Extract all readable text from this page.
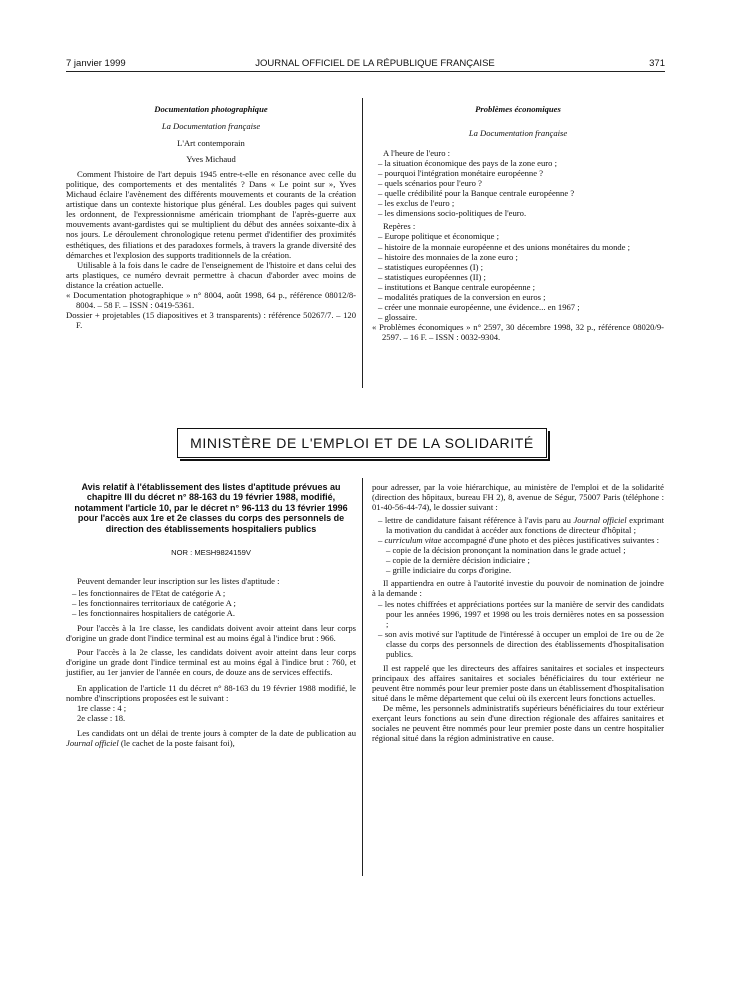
7 janvier 1999	JOURNAL OFFICIEL DE LA RÉPUBLIQUE FRANÇAISE	371

Documentation photographique

La Documentation française

L'Art contemporain

Yves Michaud

Comment l'histoire de l'art depuis 1945 entre-t-elle en résonance avec celle du politique, des comportements et des mentalités ? Dans « Le point sur », Yves Michaud éclaire l'avènement des différents mouvements et courants de la création artistique dans un contexte historique plus général. Les doubles pages qui suivent les ordonnent, de l'expressionnisme américain triomphant de l'après-guerre aux mouvements avant-gardistes qui se multiplient du début des années soixante-dix à nos jours. Le déroulement chronologique retenu permet d'identifier des proximités esthétiques, des filiations et des paradoxes formels, à travers la grande diversité des démarches et l'explosion des supports traditionnels de la création.

Utilisable à la fois dans le cadre de l'enseignement de l'histoire et dans celui des arts plastiques, ce numéro devrait permettre à chacun d'aborder avec moins de distance la création actuelle.

« Documentation photographique » n° 8004, août 1998, 64 p., référence 08012/8-8004. – 58 F. – ISSN : 0419-5361.

Dossier + projetables (15 diapositives et 3 transparents) : référence 50267/7. – 120 F.

Problèmes économiques

La Documentation française

A l'heure de l'euro :

– la situation économique des pays de la zone euro ;

– pourquoi l'intégration monétaire européenne ?

– quels scénarios pour l'euro ?

– quelle crédibilité pour la Banque centrale européenne ?

– les exclus de l'euro ;

– les dimensions socio-politiques de l'euro.

Repères :

– Europe politique et économique ;

– histoire de la monnaie européenne et des unions monétaires du monde ;

– histoire des monnaies de la zone euro ;

– statistiques européennes (I) ;

– statistiques européennes (II) ;

– institutions et Banque centrale européenne ;

– modalités pratiques de la conversion en euros ;

– créer une monnaie européenne, une évidence... en 1967 ;

– glossaire.

« Problèmes économiques » n° 2597, 30 décembre 1998, 32 p., référence 08020/9-2597. – 16 F. – ISSN : 0032-9304.

MINISTÈRE DE L'EMPLOI ET DE LA SOLIDARITÉ

Avis relatif à l'établissement des listes d'aptitude prévues au chapitre III du décret n° 88-163 du 19 février 1988, modifié, notamment l'article 10, par le décret n° 96-113 du 13 février 1996 pour l'accès aux 1re et 2e classes du corps des personnels de direction des établissements hospitaliers publics

NOR : MESH9824159V

Peuvent demander leur inscription sur les listes d'aptitude :

– les fonctionnaires de l'Etat de catégorie A ;

– les fonctionnaires territoriaux de catégorie A ;

– les fonctionnaires hospitaliers de catégorie A.

Pour l'accès à la 1re classe, les candidats doivent avoir atteint dans leur corps d'origine un grade dont l'indice terminal est au moins égal à l'indice brut : 966.

Pour l'accès à la 2e classe, les candidats doivent avoir atteint dans leur corps d'origine un grade dont l'indice terminal est au moins égal à l'indice brut : 760, et justifier, au 1er janvier de l'année en cours, de douze ans de services effectifs.

En application de l'article 11 du décret n° 88-163 du 19 février 1988 modifié, le nombre d'inscriptions proposées est le suivant :

1re classe : 4 ;

2e classe : 18.

Les candidats ont un délai de trente jours à compter de la date de publication au Journal officiel (le cachet de la poste faisant foi),

pour adresser, par la voie hiérarchique, au ministère de l'emploi et de la solidarité (direction des hôpitaux, bureau FH 2), 8, avenue de Ségur, 75007 Paris (téléphone : 01-40-56-44-74), le dossier suivant :

– lettre de candidature faisant référence à l'avis paru au Journal officiel exprimant la motivation du candidat à accéder aux fonctions de directeur d'hôpital ;

– curriculum vitae accompagné d'une photo et des pièces justificatives suivantes :

– copie de la décision prononçant la nomination dans le grade actuel ;

– copie de la dernière décision indiciaire ;

– grille indiciaire du corps d'origine.

Il appartiendra en outre à l'autorité investie du pouvoir de nomination de joindre à la demande :

– les notes chiffrées et appréciations portées sur la manière de servir des candidats pour les années 1996, 1997 et 1998 ou les trois dernières notes en sa possession ;

– son avis motivé sur l'aptitude de l'intéressé à occuper un emploi de 1re ou de 2e classe du corps des personnels de direction des établissements d'hospitalisation publics.

Il est rappelé que les directeurs des affaires sanitaires et sociales et inspecteurs principaux des affaires sanitaires et sociales bénéficiaires du tour extérieur ne peuvent être nommés pour leur premier poste dans un établissement d'hospitalisation situé dans le même département que celui où ils exercent leurs fonctions actuelles.

De même, les personnels administratifs supérieurs bénéficiaires du tour extérieur exerçant leurs fonctions au sein d'une direction régionale des affaires sanitaires et sociales ne peuvent être nommés pour leur premier poste dans un centre hospitalier régional situé dans la région administrative en cause.
